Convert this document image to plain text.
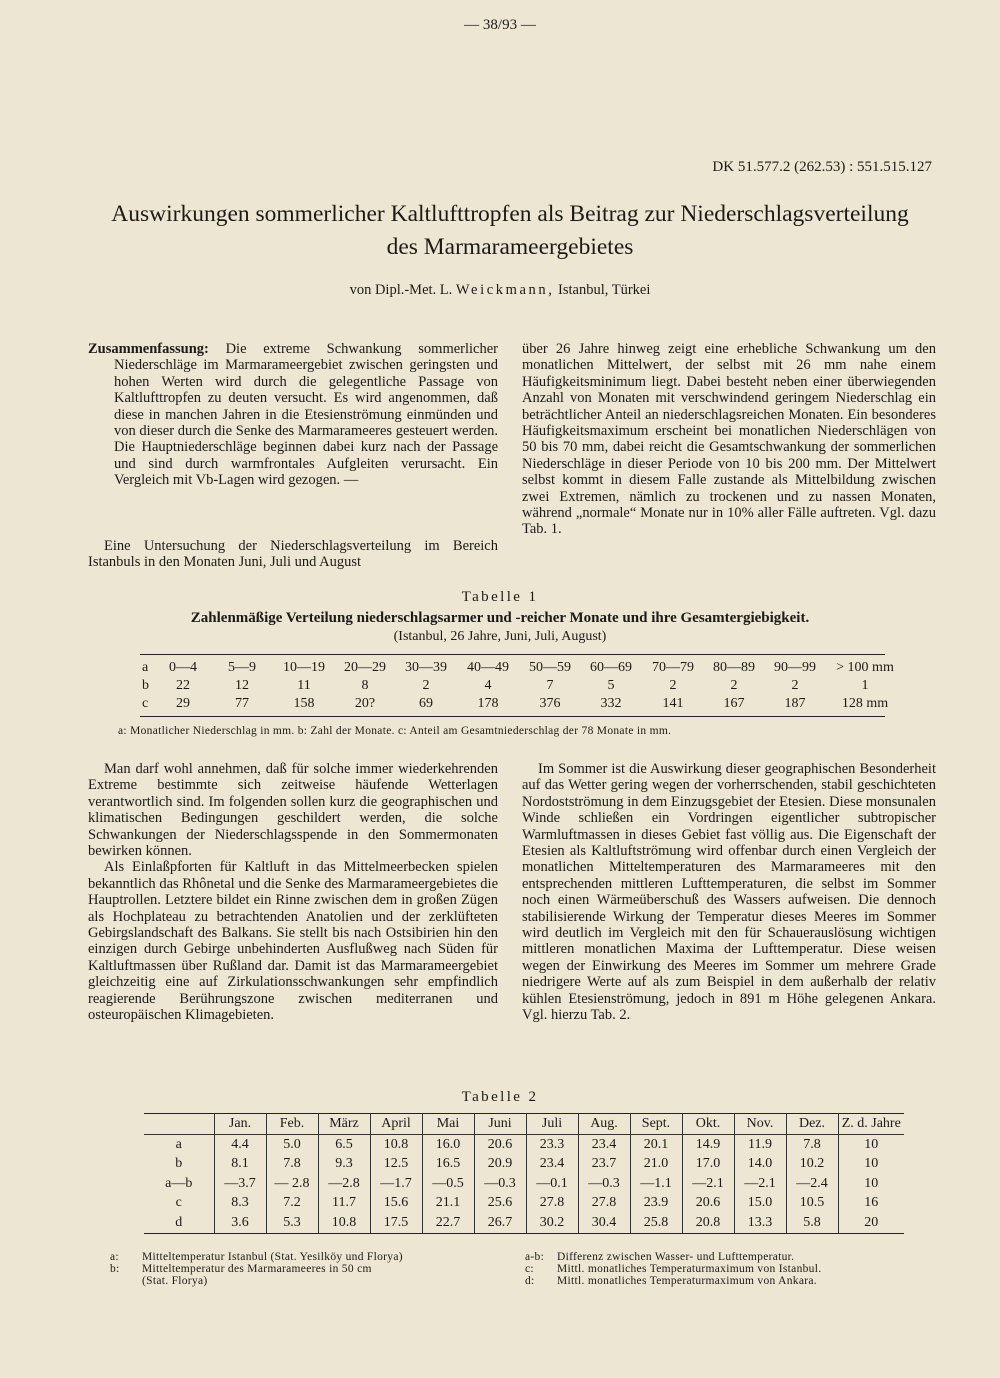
— 38/93 —
DK 51.577.2 (262.53) : 551.515.127
Auswirkungen sommerlicher Kaltlufttropfen als Beitrag zur Niederschlagsverteilung
des Marmarameergebietes
von Dipl.-Met. L. Weickmann, Istanbul, Türkei

Zusammenfassung: Die extreme Schwankung sommerlicher Niederschläge im Marmarameergebiet zwischen geringsten und hohen Werten wird durch die gelegentliche Passage von Kaltlufttropfen zu deuten versucht. Es wird angenommen, daß diese in manchen Jahren in die Etesienströmung einmünden und von dieser durch die Senke des Marmarameeres gesteuert werden. Die Hauptniederschläge beginnen dabei kurz nach der Passage und sind durch warmfrontales Aufgleiten verursacht. Ein Vergleich mit Vb-Lagen wird gezogen. —

Eine Untersuchung der Niederschlagsverteilung im Bereich Istanbuls in den Monaten Juni, Juli und August

über 26 Jahre hinweg zeigt eine erhebliche Schwankung um den monatlichen Mittelwert, der selbst mit 26 mm nahe einem Häufigkeitsminimum liegt. Dabei besteht neben einer überwiegenden Anzahl von Monaten mit verschwindend geringem Niederschlag ein beträchtlicher Anteil an niederschlagsreichen Monaten. Ein besonderes Häufigkeitsmaximum erscheint bei monatlichen Niederschlägen von 50 bis 70 mm, dabei reicht die Gesamtschwankung der sommerlichen Niederschläge in dieser Periode von 10 bis 200 mm. Der Mittelwert selbst kommt in diesem Falle zustande als Mittelbildung zwischen zwei Extremen, nämlich zu trockenen und zu nassen Monaten, während „normale“ Monate nur in 10% aller Fälle auftreten. Vgl. dazu Tab. 1.

Tabelle 1
Zahlenmäßige Verteilung niederschlagsarmer und -reicher Monate und ihre Gesamtergiebigkeit.
(Istanbul, 26 Jahre, Juni, Juli, August)
a	0—4	5—9	10—19 20—29 30—39 40—49 50—59 60—69 70—79 80—89 90—99	> 100 mm
b	22	12	11	8	2	4	7	5	2	2	2	1
c	29	77	158	20?	69	178	376	332	141	167	187	128 mm
a: Monatlicher Niederschlag in mm. b: Zahl der Monate. c: Anteil am Gesamtniederschlag der 78 Monate in mm.

Man darf wohl annehmen, daß für solche immer wiederkehrenden Extreme bestimmte sich zeitweise häufende Wetterlagen verantwortlich sind. Im folgenden sollen kurz die geographischen und klimatischen Bedingungen geschildert werden, die solche Schwankungen der Niederschlagsspende in den Sommermonaten bewirken können.

Als Einlaßpforten für Kaltluft in das Mittelmeerbecken spielen bekanntlich das Rhônetal und die Senke des Marmarameergebietes die Hauptrollen. Letztere bildet ein Rinne zwischen dem in großen Zügen als Hochplateau zu betrachtenden Anatolien und der zerklüfteten Gebirgslandschaft des Balkans. Sie stellt bis nach Ostsibirien hin den einzigen durch Gebirge unbehinderten Ausflußweg nach Süden für Kaltluftmassen über Rußland dar. Damit ist das Marmarameergebiet gleichzeitig eine auf Zirkulationsschwankungen sehr empfindlich reagierende Berührungszone zwischen mediterranen und osteuropäischen Klimagebieten.

Im Sommer ist die Auswirkung dieser geographischen Besonderheit auf das Wetter gering wegen der vorherrschenden, stabil geschichteten Nordostströmung in dem Einzugsgebiet der Etesien. Diese monsunalen Winde schließen ein Vordringen eigentlicher subtropischer Warmluftmassen in dieses Gebiet fast völlig aus. Die Eigenschaft der Etesien als Kaltluftströmung wird offenbar durch einen Vergleich der monatlichen Mitteltemperaturen des Marmarameeres mit den entsprechenden mittleren Lufttemperaturen, die selbst im Sommer noch einen Wärmeüberschuß des Wassers aufweisen. Die dennoch stabilisierende Wirkung der Temperatur dieses Meeres im Sommer wird deutlich im Vergleich mit den für Schauerauslösung wichtigen mittleren monatlichen Maxima der Lufttemperatur. Diese weisen wegen der Einwirkung des Meeres im Sommer um mehrere Grade niedrigere Werte auf als zum Beispiel in dem außerhalb der relativ kühlen Etesienströmung, jedoch in 891 m Höhe gelegenen Ankara. Vgl. hierzu Tab. 2.

Tabelle 2
	Jan.	Feb.	März	April	Mai	Juni	Juli	Aug.	Sept.	Okt.	Nov.	Dez.	Z. d. Jahre
a	4.4	5.0	6.5	10.8	16.0	20.6	23.3	23.4	20.1	14.9	11.9	7.8	10
b	8.1	7.8	9.3	12.5	16.5	20.9	23.4	23.7	21.0	17.0	14.0	10.2	10
a—b	—3.7	— 2.8	—2.8	—1.7	—0.5	—0.3	—0.1	—0.3	—1.1	—2.1	—2.1	—2.4	10
c	8.3	7.2	11.7	15.6	21.1	25.6	27.8	27.8	23.9	20.6	15.0	10.5	16
d	3.6	5.3	10.8	17.5	22.7	26.7	30.2	30.4	25.8	20.8	13.3	5.8	20
a: Mitteltemperatur Istanbul (Stat. Yesilköy und Florya)
b: Mitteltemperatur des Marmarameeres in 50 cm
(Stat. Florya)
a-b: Differenz zwischen Wasser- und Lufttemperatur.
c: Mittl. monatliches Temperaturmaximum von Istanbul.
d: Mittl. monatliches Temperaturmaximum von Ankara.
